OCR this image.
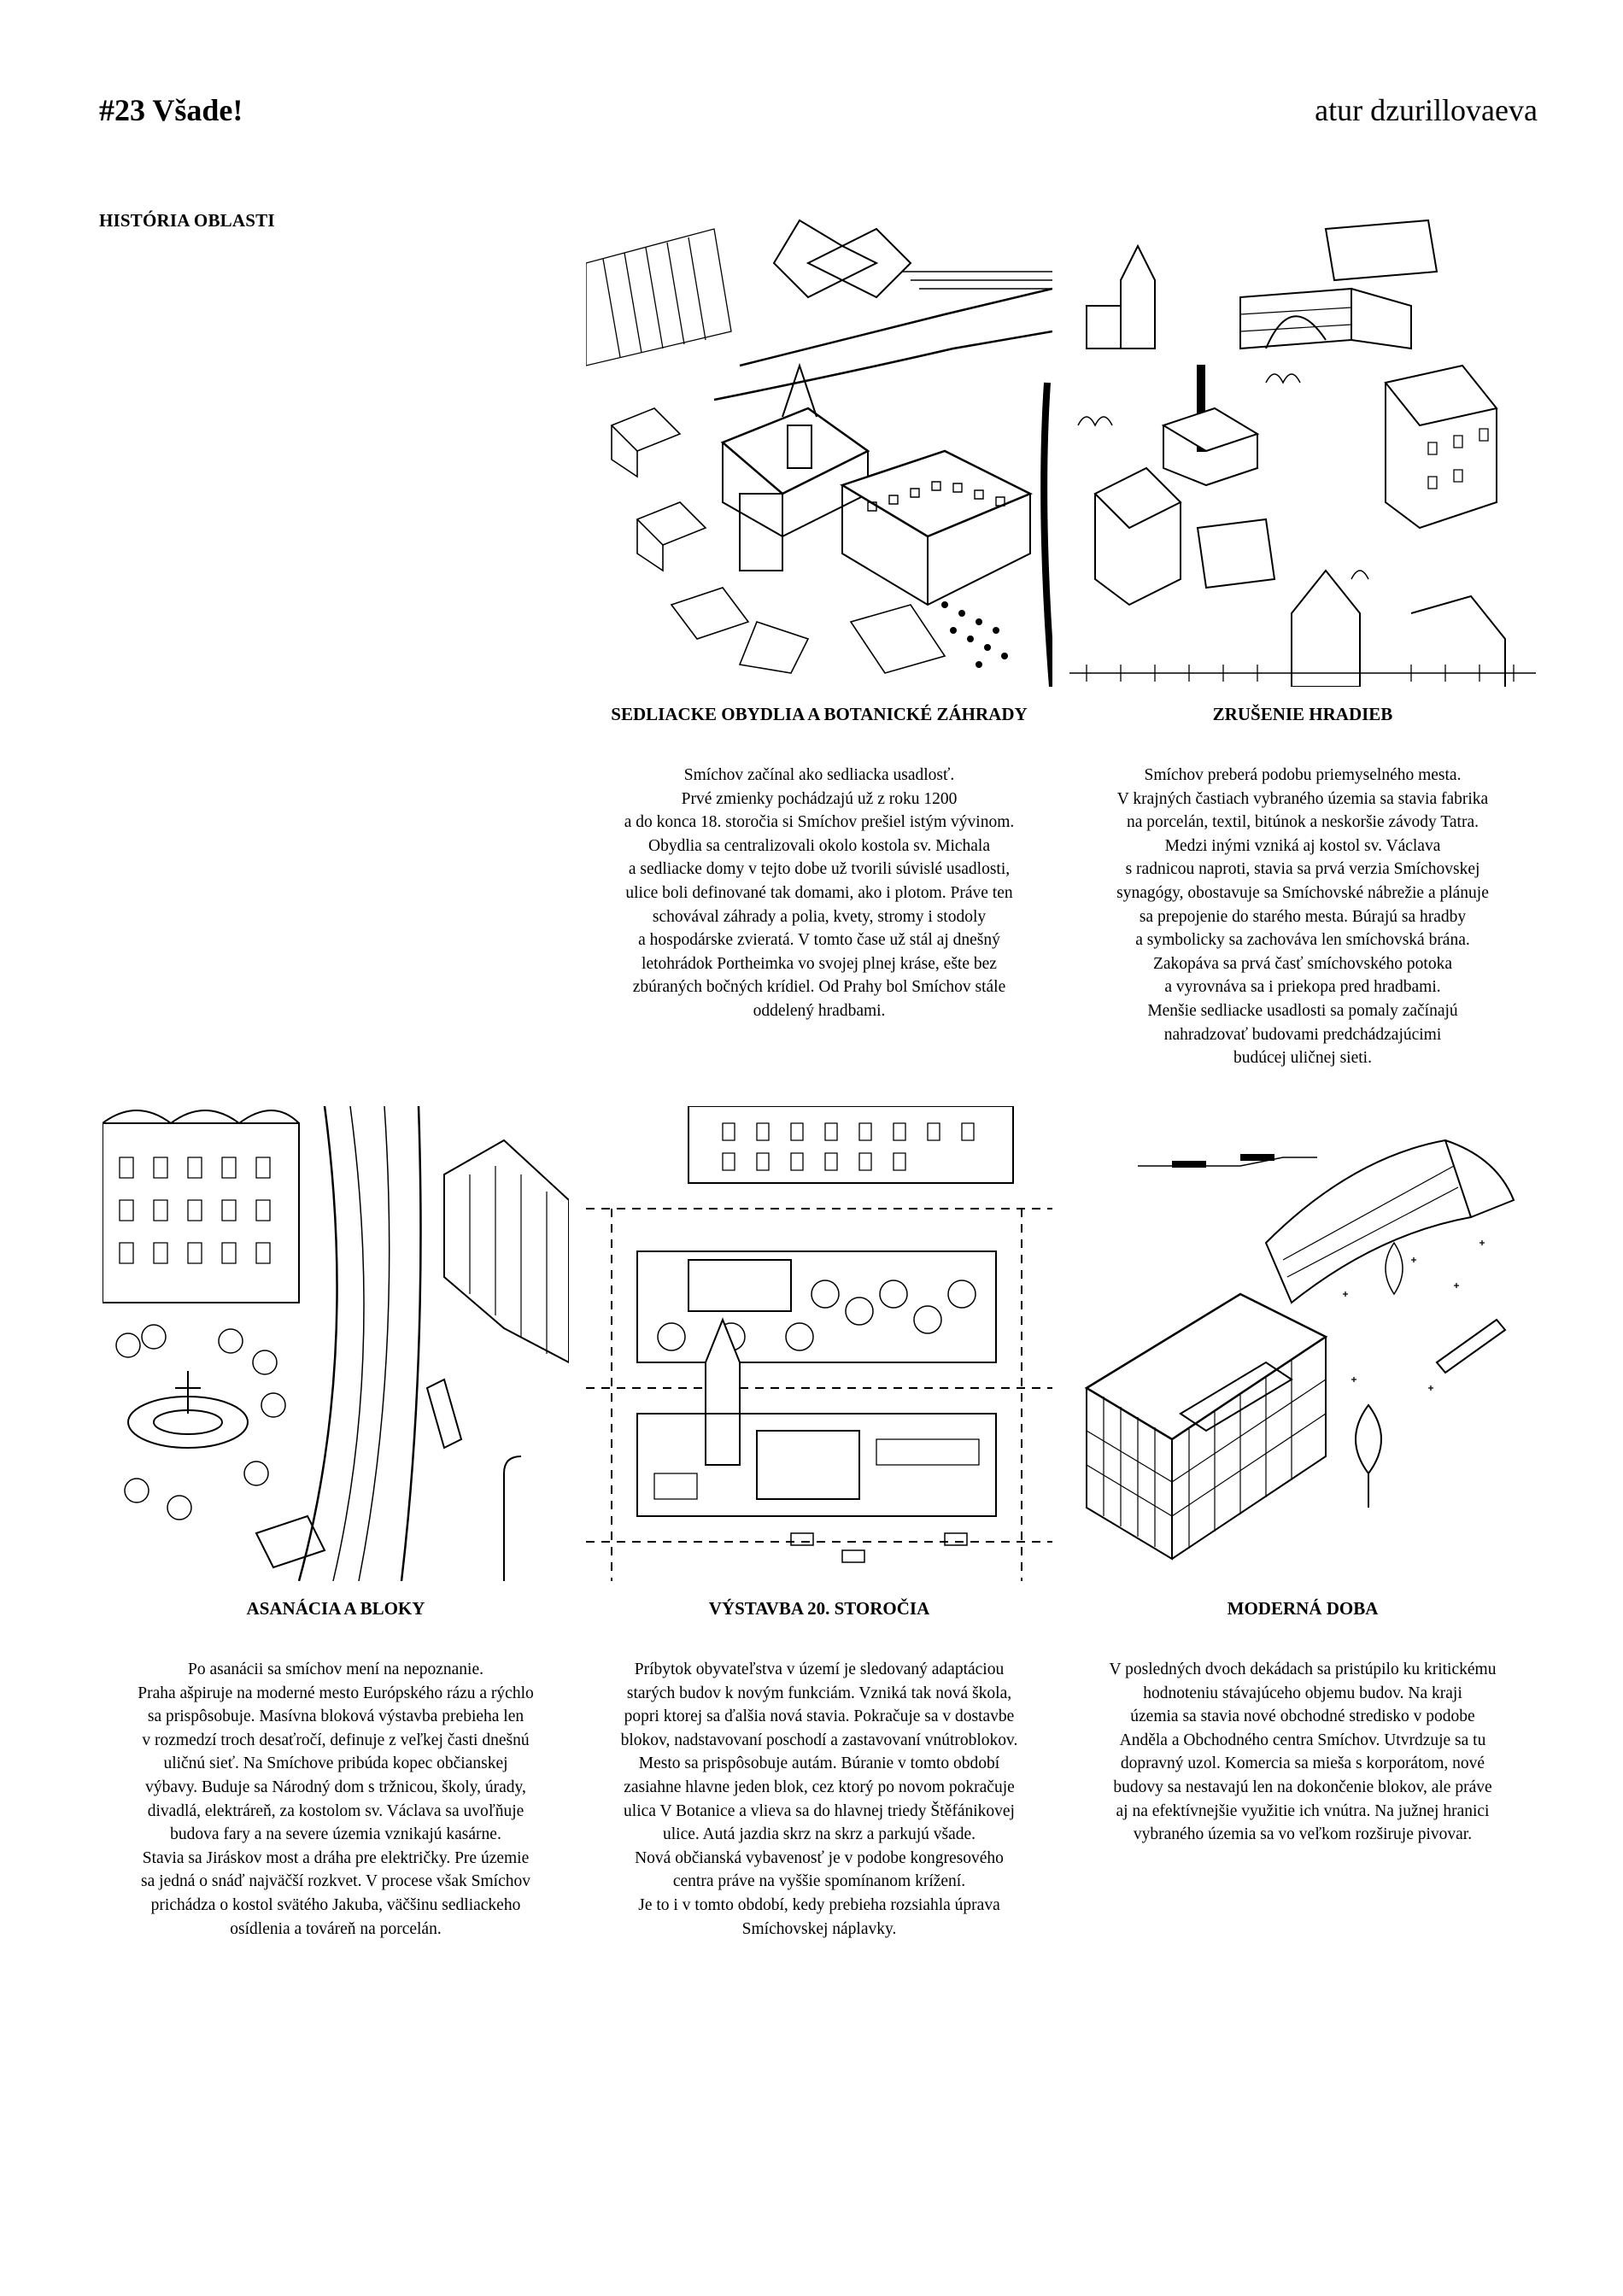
#23 Všade!	atur dzurillovaeva
HISTÓRIA OBLASTI
SEDLIACKE OBYDLIA A BOTANICKÉ ZÁHRADY
Smíchov začínal ako sedliacka usadlosť.
Prvé zmienky pochádzajú už z roku 1200
a do konca 18. storočia si Smíchov prešiel istým vývinom.
Obydlia sa centralizovali okolo kostola sv. Michala
a sedliacke domy v tejto dobe už tvorili súvislé usadlosti,
ulice boli definované tak domami, ako i plotom. Práve ten
schovával záhrady a polia, kvety, stromy i stodoly
a hospodárske zvieratá. V tomto čase už stál aj dnešný
letohrádok Portheimka vo svojej plnej kráse, ešte bez
zbúraných bočných krídiel. Od Prahy bol Smíchov stále
oddelený hradbami.
ZRUŠENIE HRADIEB
Smíchov preberá podobu priemyselného mesta.
V krajných častiach vybraného územia sa stavia fabrika
na porcelán, textil, bitúnok a neskoršie závody Tatra.
Medzi inými vzniká aj kostol sv. Václava
s radnicou naproti, stavia sa prvá verzia Smíchovskej
synagógy, obostavuje sa Smíchovské nábrežie a plánuje
sa prepojenie do starého mesta. Búrajú sa hradby
a symbolicky sa zachováva len smíchovská brána.
Zakopáva sa prvá časť smíchovského potoka
a vyrovnáva sa i priekopa pred hradbami.
Menšie sedliacke usadlosti sa pomaly začínajú
nahradzovať budovami predchádzajúcimi
budúcej uličnej sieti.
ASANÁCIA A BLOKY
Po asanácii sa smíchov mení na nepoznanie.
Praha ašpiruje na moderné mesto Európského rázu a rýchlo
sa prispôsobuje. Masívna bloková výstavba prebieha len
v rozmedzí troch desaťročí, definuje z veľkej časti dnešnú
uličnú sieť. Na Smíchove pribúda kopec občianskej
výbavy. Buduje sa Národný dom s tržnicou, školy, úrady,
divadlá, elektráreň, za kostolom sv. Václava sa uvoľňuje
budova fary a na severe územia vznikajú kasárne.
Stavia sa Jiráskov most a dráha pre električky. Pre územie
sa jedná o snáď najväčší rozkvet. V procese však Smíchov
prichádza o kostol svätého Jakuba, väčšinu sedliackeho
osídlenia a továreň na porcelán.
VÝSTAVBA 20. STOROČIA
Príbytok obyvateľstva v území je sledovaný adaptáciou
starých budov k novým funkciám. Vzniká tak nová škola,
popri ktorej sa ďalšia nová stavia. Pokračuje sa v dostavbe
blokov, nadstavovaní poschodí a zastavovaní vnútroblokov.
Mesto sa prispôsobuje autám. Búranie v tomto období
zasiahne hlavne jeden blok, cez ktorý po novom pokračuje
ulica V Botanice a vlieva sa do hlavnej triedy Štěfánikovej
ulice. Autá jazdia skrz na skrz a parkujú všade.
Nová občianská vybavenosť je v podobe kongresového
centra práve na vyššie spomínanom krížení.
Je to i v tomto období, kedy prebieha rozsiahla úprava
Smíchovskej náplavky.
MODERNÁ DOBA
V posledných dvoch dekádach sa pristúpilo ku kritickému
hodnoteniu stávajúceho objemu budov. Na kraji
územia sa stavia nové obchodné stredisko v podobe
Anděla a Obchodného centra Smíchov. Utvrdzuje sa tu
dopravný uzol. Komercia sa mieša s korporátom, nové
budovy sa nestavajú len na dokončenie blokov, ale práve
aj na efektívnejšie využitie ich vnútra. Na južnej hranici
vybraného územia sa vo veľkom rozširuje pivovar.
